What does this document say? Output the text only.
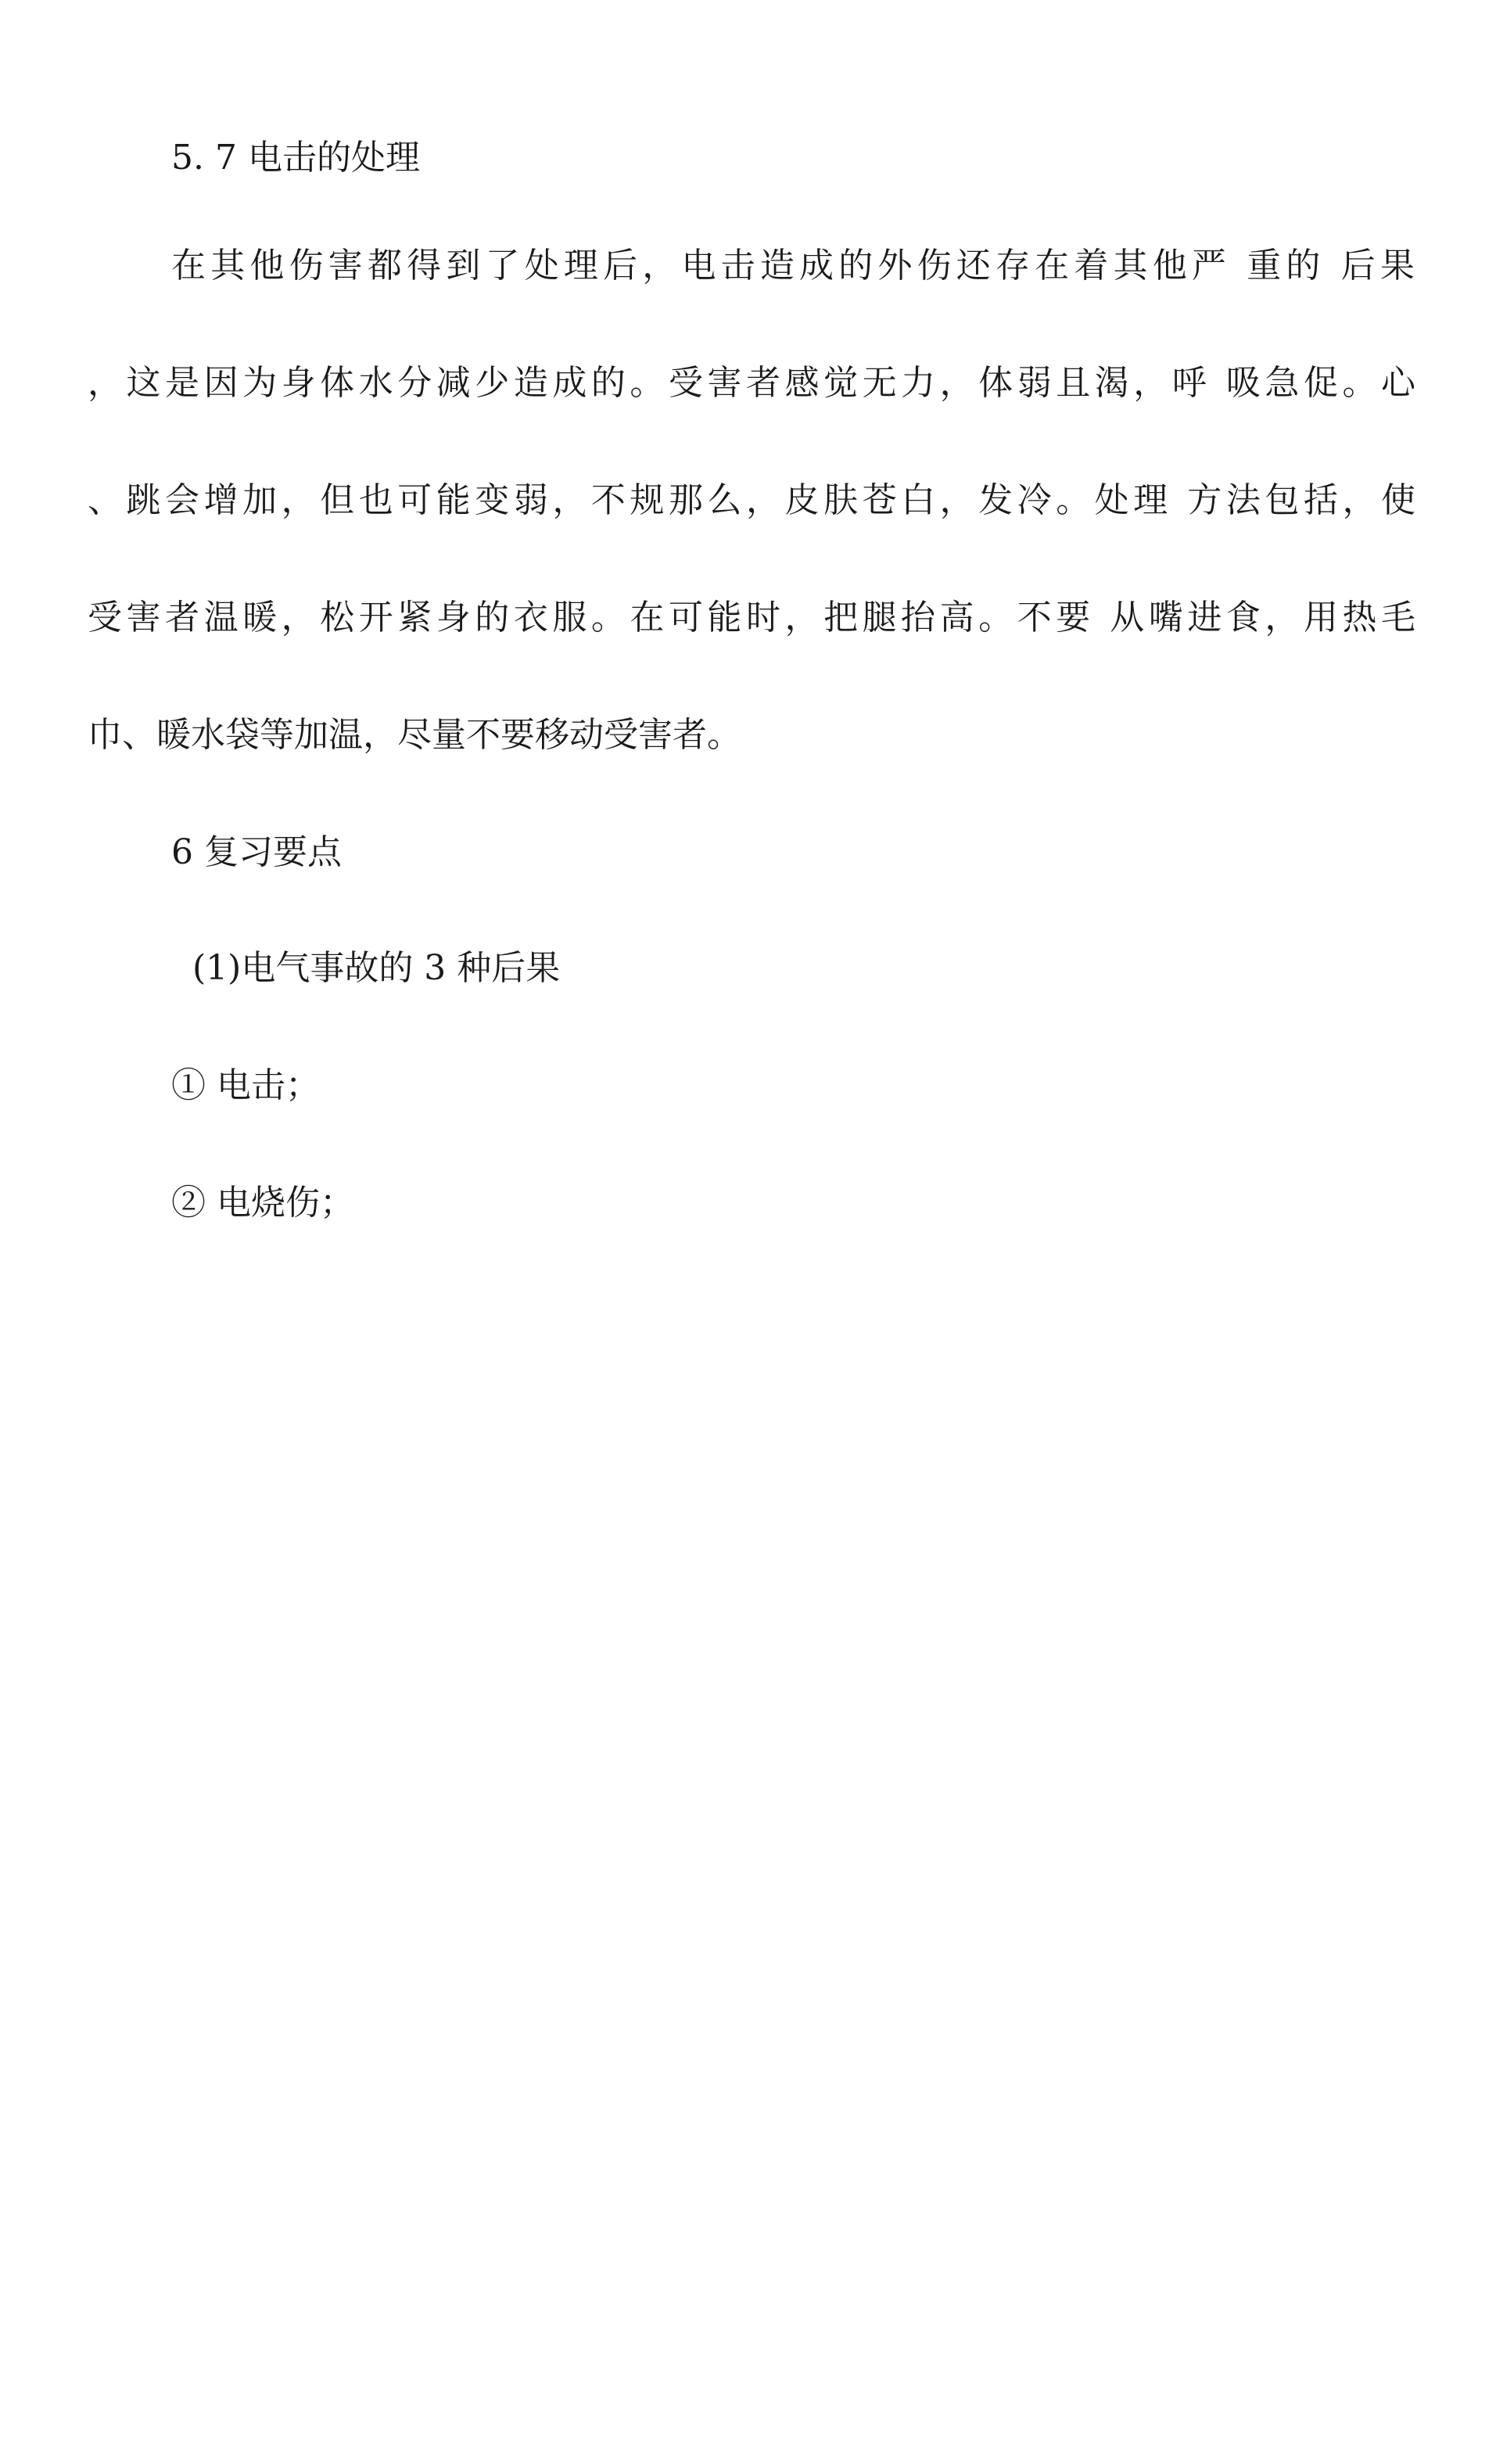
5. 7 电击的处理
在其他伤害都得到了处理后，电击造成的外伤还存在着其他严 重的 后果
，这是因为身体水分减少造成的。受害者感觉无力，体弱且渴，呼 吸急促。心
、跳会增加，但也可能变弱，不规那么，皮肤苍白，发冷。处理 方法包括，使
受害者温暖，松开紧身的衣服。在可能时，把腿抬高。不要 从嘴进食，用热毛
巾、暖水袋等加温，尽量不要移动受害者。
6 复习要点
(1)电气事故的 3 种后果
① 电击；
② 电烧伤；
